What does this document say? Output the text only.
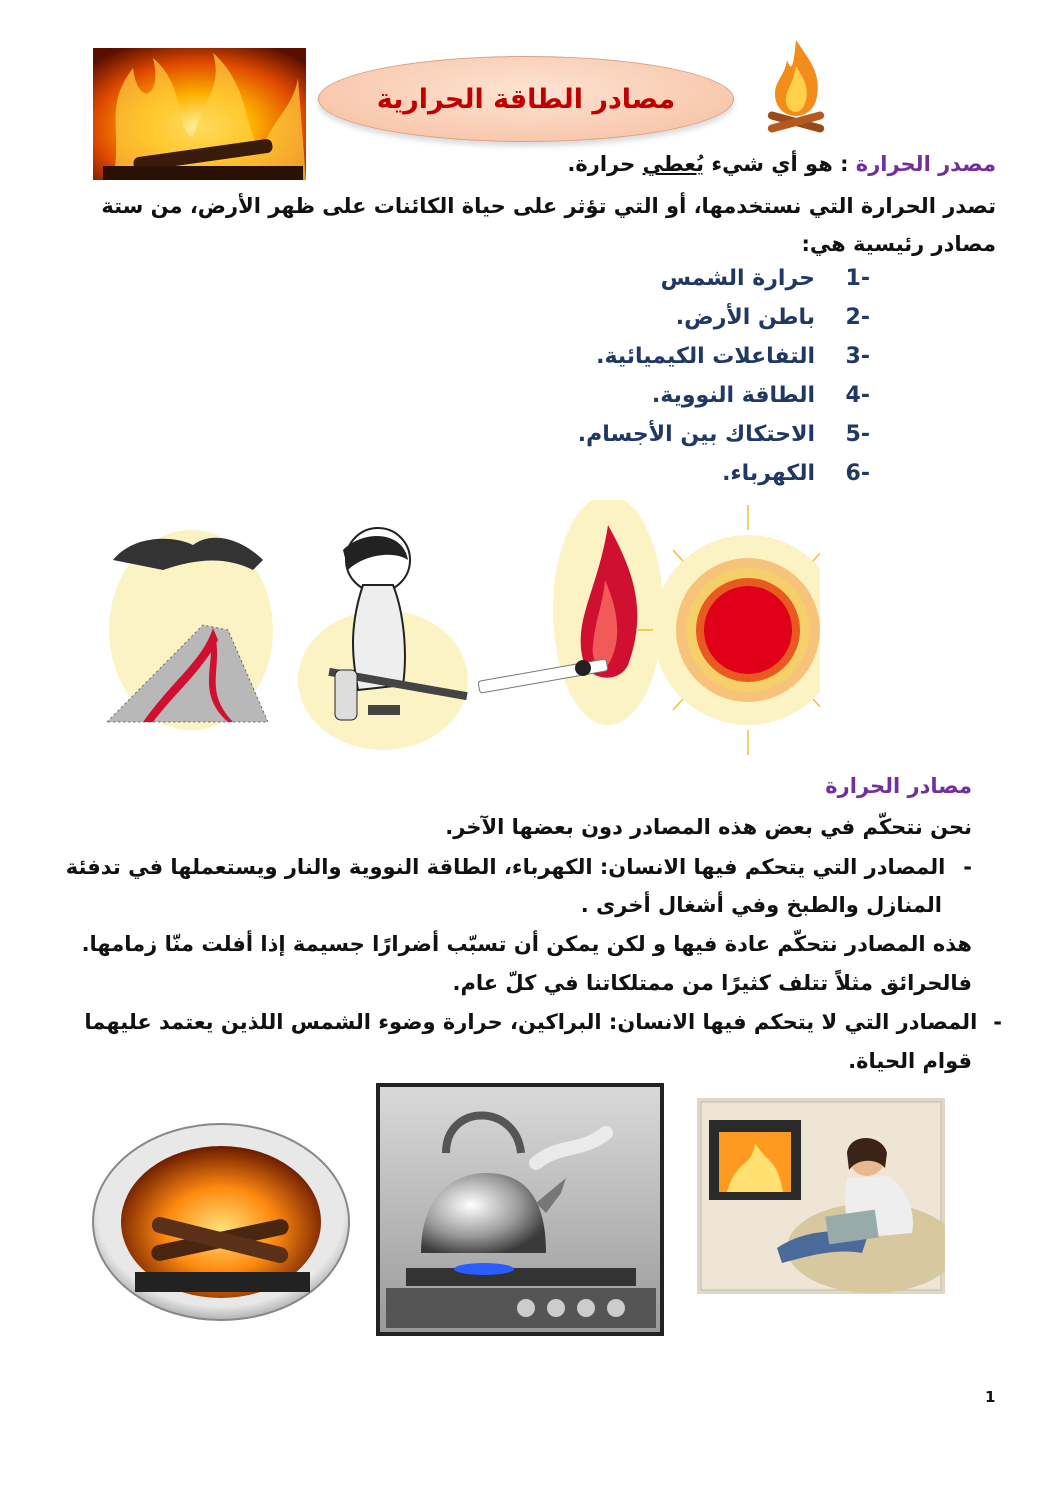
مصادر الطاقة الحرارية
مصدر الحرارة : هو أي شيء يُعطي حرارة.
تصدر الحرارة التي نستخدمها، أو التي تؤثر على حياة الكائنات على ظهر الأرض، من ستة
مصادر رئيسية هي:
1-
حرارة الشمس
2-
باطن الأرض.
3-
التفاعلات الكيميائية.
4-
الطاقة النووية.
5-
الاحتكاك بين الأجسام.
6-
الكهرباء.
مصادر الحرارة
نحن نتحكّم في بعض هذه المصادر دون بعضها الآخر.
-المصادر التي يتحكم فيها الانسان: الكهرباء، الطاقة النووية والنار ويستعملها في تدفئة
المنازل والطبخ وفي أشغال أخرى .
هذه المصادر نتحكّم عادة فيها و لكن يمكن أن تسبّب أضرارًا جسيمة إذا أفلت منّا زمامها.
فالحرائق مثلاً تتلف كثيرًا من ممتلكاتنا في كلّ عام.
-المصادر التي لا يتحكم فيها الانسان: البراكين، حرارة وضوء الشمس اللذين يعتمد عليهما
قوام الحياة.
1
